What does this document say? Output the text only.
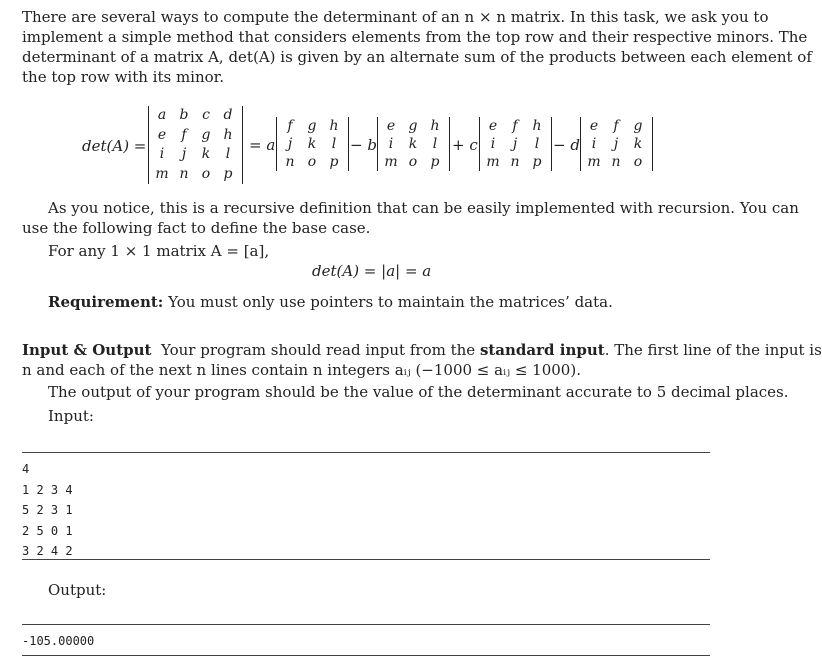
There are several ways to compute the determinant of an n × n matrix. In this task, we ask you to
implement a simple method that considers elements from the top row and their respective minors. The
determinant of a matrix A, det(A) is given by an alternate sum of the products between each element of
the top row with its minor.
det(A) =
a b c d
e	f	g h
i	j	k	l
m n o p
= a
f	g h
j	k	l
n o p
− b
e g h
i	k	l
m o p
+ c
e	f	h
i	j	l
m n p
− d
e	f	g
i	j	k
m n o
As you notice, this is a recursive definition that can be easily implemented with recursion. You can
use the following fact to define the base case.
For any 1 × 1 matrix A = [a],
det(A) = |a| = a
Requirement: You must only use pointers to maintain the matrices’ data.
Input & Output Your program should read input from the standard input. The first line of the input is
n and each of the next n lines contain n integers aᵢⱼ (−1000 ≤ aᵢⱼ ≤ 1000).
The output of your program should be the value of the determinant accurate to 5 decimal places.
Input:
Output:
4
1 2 3 4
5 2 3 1
2 5 0 1
3 2 4 2
-105.00000
